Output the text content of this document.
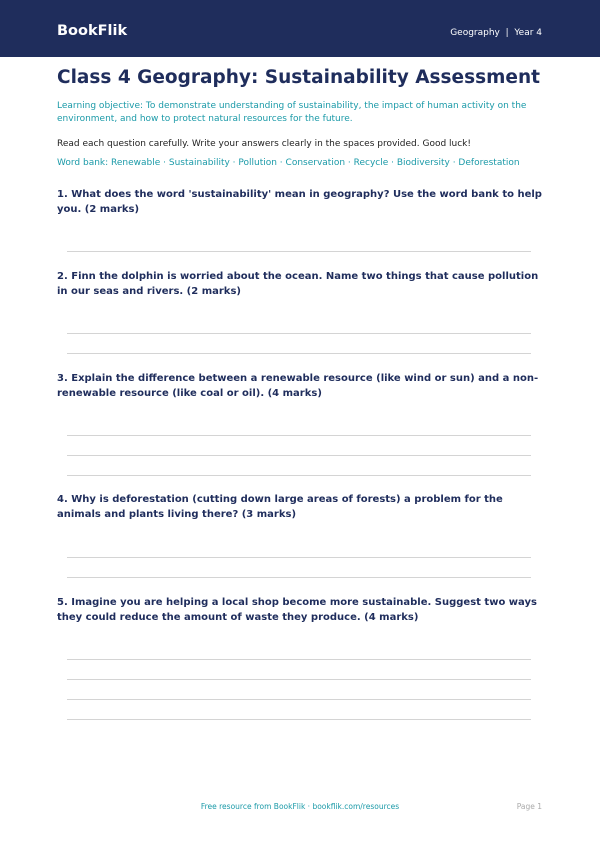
BookFlik	Geography  |  Year 4
Class 4 Geography: Sustainability Assessment
Learning objective: To demonstrate understanding of sustainability, the impact of human activity on the environment, and how to protect natural resources for the future.
Read each question carefully. Write your answers clearly in the spaces provided. Good luck!
Word bank: Renewable · Sustainability · Pollution · Conservation · Recycle · Biodiversity · Deforestation
1. What does the word 'sustainability' mean in geography? Use the word bank to help you. (2 marks)
2. Finn the dolphin is worried about the ocean. Name two things that cause pollution in our seas and rivers. (2 marks)
3. Explain the difference between a renewable resource (like wind or sun) and a non-renewable resource (like coal or oil). (4 marks)
4. Why is deforestation (cutting down large areas of forests) a problem for the animals and plants living there? (3 marks)
5. Imagine you are helping a local shop become more sustainable. Suggest two ways they could reduce the amount of waste they produce. (4 marks)
Free resource from BookFlik · bookflik.com/resources	Page 1
